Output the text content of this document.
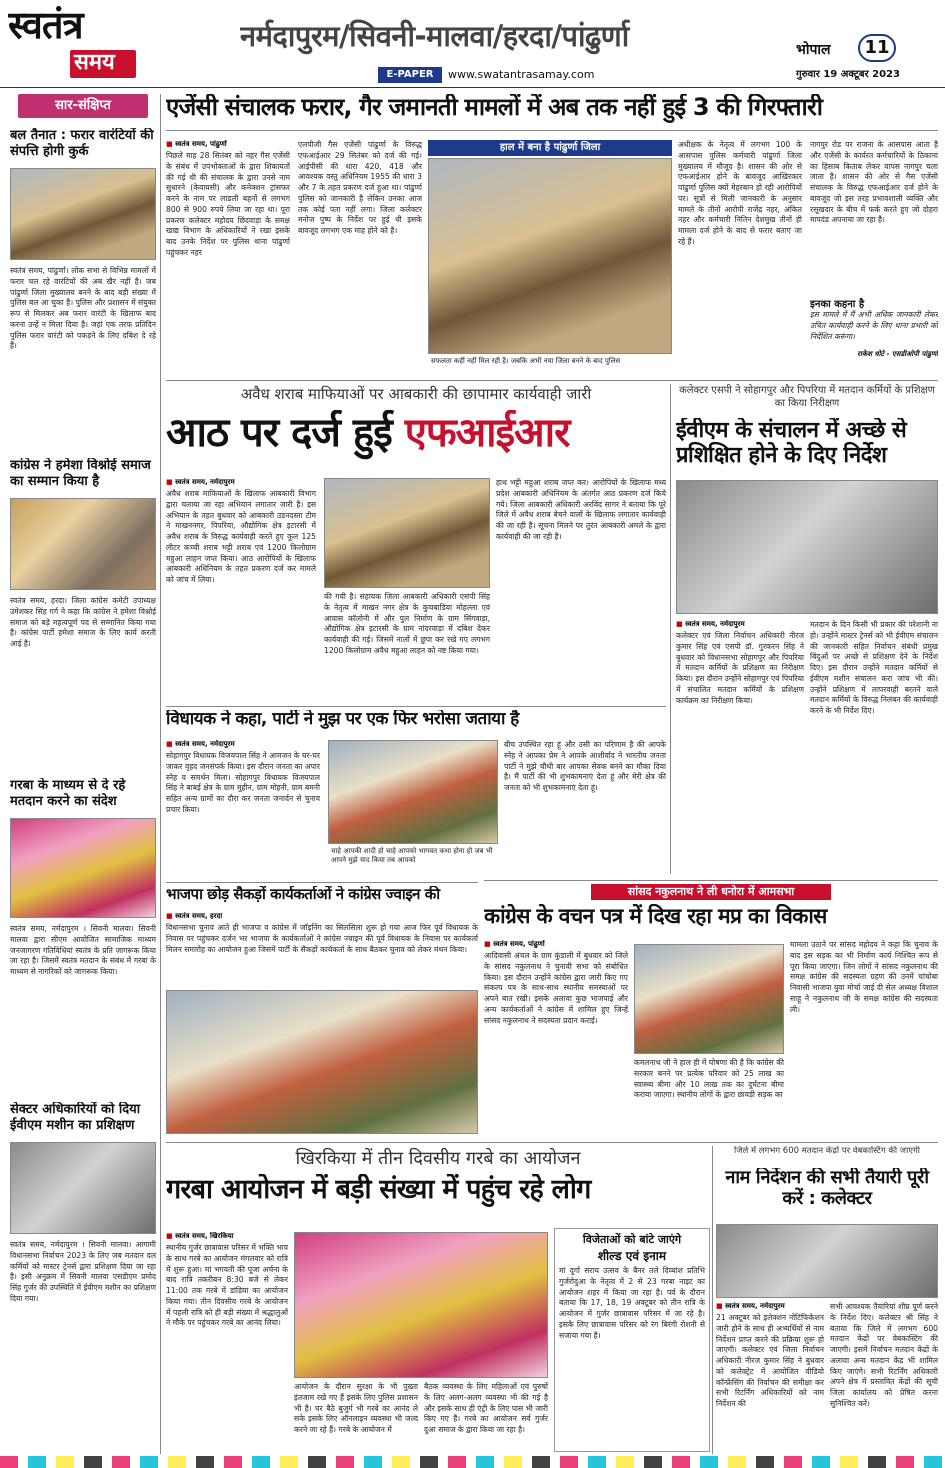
स्वतंत्र
समय
नर्मदापुरम/सिवनी-मालवा/हरदा/पांढुर्णा
E-PAPER	www.swatantrasamay.com
भोपाल	11
गुरुवार 19 अक्टूबर 2023
सार-संक्षिप्त
बल तैनात : फरार वारंटियों की संपत्ति होगी कुर्क
स्वतंत्र समय, पांढुर्णा। लोक सभा से विभिन्न मामलों में फरार चल रहे वारंटियों की अब खैर नहीं है। जब पांढुर्णा जिला मुख्यालय बनने के बाद बड़ी संख्या में पुलिस बल आ चुका है। पुलिस और प्रशासन में संयुक्त रूप से मिलकर अब फरार वारंटी के खिलाफ बाद करना उन्हें न मिला दिया है। जहां एक तरफ प्रतिदिन पुलिस फरार वारंटी को पकड़ने के लिए दबिश दे रहे हैं।
कांग्रेस ने हमेशा विश्नोई समाज का सम्मान किया है
स्वतंत्र समय, हरदा। जिला कांग्रेस कमेटी उपाध्यक्ष उमेशकर सिंह गर्ग ने कहा कि कांग्रेस ने हमेशा विश्नोई समाज को बड़े महत्वपूर्ण पद से सम्मानित किया गया है। कांग्रेस पार्टी हमेशा समाज के लिए कार्य करती आई है।
गरबा के माध्यम से दे रहे मतदान करने का संदेश
स्वतंत्र समय, नर्मदापुरम । सिवनी मालवा। सिवनी मालवा द्वारा सीएम आयोजित सामाजिक माध्यम जनजागरण गतिविधियां स्वतंत्र के प्रति जागरूक किया जा रहा है। जिसमें स्वतंत्र मतदान के संबंध में गरबा के माध्यम से नागरिकों को जागरूक किया।
सेक्टर अधिकारियों को दिया ईवीएम मशीन का प्रशिक्षण
स्वतंत्र समय, नर्मदापुरम । सिवनी मालवा। आगामी विधानसभा निर्वाचन 2023 के लिए जब मतदान दल कर्मियों को मास्टर ट्रेनर्स द्वारा प्रशिक्षण दिया जा रहा है। इसी अनुक्रम में सिवनी मालवा एसडीएम प्रमोद सिंह गुर्जर की उपस्थिति में ईवीएम मशीन का प्रशिक्षण दिया गया।
एजेंसी संचालक फरार, गैर जमानती मामलों में अब तक नहीं हुई 3 की गिरफ्तारी
■ स्वतंत्र समय, पांढुर्णा
पिछले माह 28 सितंबर को नहर गैस एजेंसी के संबंध में उपभोक्ताओं के द्वारा शिकायतों की गई थी की संचालक के द्वारा उनसे नाम सुधारने (केवायसी) और कनेक्शन ट्रांसफर करने के नाम पर लाडली बहनों से लगभग 800 से 900 रुपये लिया जा रहा था। पूरा प्रकरण कलेक्टर महोदय छिंदवाड़ा के समक्ष खाद्य विभाग के अधिकारियों ने रखा इसके बाद उनके निर्देश पर पुलिस थाना पांढुर्णा पहुंचकर नहर
एलपीजी गैस एजेंसी पांढुर्णा के विरुद्ध एफआईआर 29 सितंबर को दर्ज की गई। आईपीसी की धारा 420, 418 और आवश्यक वस्तु अधिनियम 1955 की धारा 3 और 7 के तहत प्रकरण दर्ज हुआ था। पांढुर्णा पुलिस को जानकारी है लेकिन उनका आज तक कोई पता नहीं लगा। जिला कलेक्टर मनोज पुष्प के निर्देश पर हुई थी इसके बावजूद लगभग एक माह होने को है।
हाल में बना है पांढुर्णा जिला
सफलता कहीं नहीं मिल रही है। जबकि अभी नया जिला बनने के बाद पुलिस
अधीक्षक के नेतृत्व में लगभग 100 के आसपास पुलिस कर्मचारी पांढुर्णा जिला मुख्यालय में मौजूद है। शासन की ओर से एफआईआर होने के बावजूद आखिरकार पांढुर्णा पुलिस क्यों मेहरबान हो रही आरोपियों पर। सूत्रों से मिली जानकारी के अनुसार मामले के तीनों आरोपी राजेंद्र नहर, अंकित नहर और कर्मचारी नितिन देशमुख तीनों ही मामला दर्ज होने के बाद से फरार बताए जा रहे हैं।
नागपुर रोड पर राजना के आसपास आता है और एजेंसी के कार्यरत कर्मचारियों के ठिकाना का हिसाब किताब लेकर वापस नागपुर चला जाता है। शासन की ओर से गैस एजेंसी संचालक के विरुद्ध एफआईआर दर्ज होने के बावजूद जो इस तरह प्रभावशाली व्यक्ति और रसूखदार के बीच में फर्क करते हुए जो दोहरा मापदंड अपनाया जा रहा है।
इनका कहना है
इस मामले में मैं अभी अधिक जानकारी लेकर उचित कार्यवाही करने के लिए थाना प्रभारी को निर्देशित करूंगा।
राकेश धोटे - एसडीओपी पांढुर्णा
अवैध शराब माफियाओं पर आबकारी की छापामार कार्यवाही जारी
आठ पर दर्ज हुई एफआईआर
■ स्वतंत्र समय, नर्मदापुरम
अवैध शराब माफियाओं के खिलाफ आबकारी विभाग द्वारा चलाया जा रहा अभियान लगातार जारी है। इस अभियान के तहत बुधवार को आबकारी उडनदस्ता टीम ने माखननगर, पिपरिया, औद्योगिक क्षेत्र इटारसी में अवैध शराब के विरुद्ध कार्यवाही करते हुए कुल 125 लीटर कच्ची शराब भट्टी शराब एवं 1200 किलोग्राम महुआ लाहन जप्त किया। आठ आरोपियों के खिलाफ आबकारी अधिनियम के तहत प्रकरण दर्ज कर मामले को जांच में लिया।
की गयी है। सहायक जिला आबकारी अधिकारी एसपी सिंह के नेतृत्व में माखन नगर क्षेत्र के कुचबाडिया मोहल्ला एवं आवास कॉलोनी में और पुल निर्माण के ग्राम सिंगवाड़ा, औद्योगिक क्षेत्र इटारसी के ग्राम नांदरवाड़ा में दबिश देकर कार्यवाही की गई। जिसमें नालों में छुपा कर रखे गए लगभग 1200 किलोग्राम अवैध महुआ लाहन को नष्ट किया गया।
हाथ भट्टी महुआ शराब जप्त कर। आरोपियों के खिलाफ मध्य प्रदेश आबकारी अधिनियम के अंतर्गत आठ प्रकरण दर्ज किये गये। जिला आबकारी अधिकारी अरविंद सागर ने बताया कि पूरे जिले में अवैध शराब बेचने वालों के खिलाफ लगातार कार्यवाही की जा रही है। सूचना मिलने पर तुरंत आबकारी अमले के द्वारा कार्यवाही की जा रही है।
कलेक्टर एसपी ने सोहागपुर और पिपरिया में मतदान कर्मियों के प्रशिक्षण का किया निरीक्षण
ईवीएम के संचालन में अच्छे से प्रशिक्षित होने के दिए निर्देश
■ स्वतंत्र समय, नर्मदापुरम
कलेक्टर एवं जिला निर्वाचन अधिकारी नीरज कुमार सिंह एवं एसपी डॉ. गुरकरन सिंह ने बुधवार को विधानसभा सोहागपुर और पिपरिया में मतदान कर्मियों के प्रशिक्षण का निरीक्षण किया। इस दौरान उन्होंने सोहागपुर एवं पिपरिया में संचालित मतदान कर्मियों के प्रशिक्षण कार्यक्रम का निरीक्षण किया।
मतदान के दिन किसी भी प्रकार की परेशानी ना हो। उन्होंने मास्टर ट्रेनर्स को भी ईवीएम संचालन की जानकारी सहित निर्वाचन संबंधी प्रमुख बिंदुओं पर अच्छे से प्रशिक्षण देने के निर्देश दिए। इस दौरान उन्होंने मतदान कर्मियों से ईवीएम मशीन संचालन करा जांच भी की। उन्होंने प्रशिक्षण में लापरवाही बरतने वाले मतदान कर्मियों के विरुद्ध निलंबन की कार्यवाही करने के भी निर्देश दिए।
विधायक ने कहा, पार्टी ने मुझ पर एक फिर भरोसा जताया है
■ स्वतंत्र समय, नर्मदापुरम
सोहागपुर विधायक विजयपाल सिंह ने आमजन के घर-घर जाकर वृहद जनसंपर्क किया। इस दौरान जनता का अपार स्नेह व समर्थन मिला। सोहागपुर विधायक विजयपाल सिंह ने बाबई क्षेत्र के ग्राम मुहीन, ग्राम मोहनी, ग्राम बमनी सहित अन्य ग्रामों का दौरा कर जनता जनार्दन से चुनाव प्रचार किया।
चाहे आपकी शादी हो चाहे आपको भागवत कथा होना हो जब भी आपने मुझे याद किया तब आपको
बीच उपस्थित रहा हूं और उसी का परिणाम है की आपके स्नेह ने आपका प्रेम ने आपके आशीर्वाद ने भारतीय जनता पार्टी ने मुझे चौथी बार आपका सेवक बनने का मौका दिया है। मैं पार्टी की भी शुभकामनाएं देता हूं और मेरी क्षेत्र की जनता को भी शुभकामनाएं देता हूं।
भाजपा छोड़ सैकड़ों कार्यकर्ताओं ने कांग्रेस ज्वाइन की
■ स्वतंत्र समय, हरदा
विधानसभा चुनाव आते ही भाजपा व कांग्रेस में जॉइनिंग का सिलसिला शुरू हो गया आज फिर पूर्व विधायक के निवास पर पहुंचकर दर्जन भर भाजपा के कार्यकर्ताओं ने कांग्रेस ज्वाइन की पूर्व विधायक के निवास पर कार्यकर्ता मिलन समारोह का आयोजन हुआ जिसमें पार्टी के सैकड़ों कार्यकर्ता के साथ बैठकर चुनाव को लेकर मंथन किया।
सांसद नकुलनाथ ने ली धनोरा में आमसभा
कांग्रेस के वचन पत्र में दिख रहा मप्र का विकास
■ स्वतंत्र समय, पांढुर्णा
आदिवासी अंचल के ग्राम कुंडाली में बुधवार को जिले के सांसद नकुलनाथ ने चुनावी सभा को संबोधित किया। इस दौरान उन्होंने कांग्रेस द्वारा जारी किए गए संकल्प पत्र के साथ-साथ स्थानीय समस्याओं पर अपने बात रखी। इसके अलावा कुछ भाजपाई और अन्य कार्यकर्ताओं ने कांग्रेस में शामिल हुए जिन्हें सांसद नकुलनाथ ने सदस्यता प्रदान कराई।
कमलनाथ जी ने हाल ही में घोषणा की है कि कांग्रेस की सरकार बनने पर प्रत्येक परिवार को 25 लाख का स्वास्थ्य बीमा और 10 लाख तक का दुर्घटना बीमा कराया जाएगा। स्थानीय लोगों के द्वारा छावड़ी सड़क का
मामला उठाने पर सांसद महोदय ने कहा कि चुनाव के बाद इस सड़क का भी निर्माण कार्य निश्चित रूप से पूरा किया जाएगा। जिन लोगों ने सांसद नकुलनाथ की समक्ष कांग्रेस की सदस्यता ग्रहण की उनमें चांचोबा निवासी भाजपा युवा मोर्चा जाई दी सेल अध्यक्ष विशाल साहू ने नकुलनाथ जी के समक्ष कांग्रेस की सदस्यता ली।
खिरकिया में तीन दिवसीय गरबे का आयोजन
गरबा आयोजन में बड़ी संख्या में पहुंच रहे लोग
■ स्वतंत्र समय, खिरकिया
स्थानीय गुर्जर छात्रावास परिसर में भक्ति भाव के साथ गरबे का आयोजन मंगलवार को रात्रि में शुरू हुआ। मां भगवती की पूजा अर्चना के बाद रात्रि तकरीबन 8:30 बजे से लेकर 11:00 तक गरबे में डांडिया का आयोजन किया गया। तीन दिवसीय गरबे के आयोजन में पहली रात्रि को ही बड़ी संख्या में श्रद्धालुओं ने मौके पर पहुंचकर गरबे का आनंद लिया।
आयोजन के दौरान सुरक्षा के भी पुख्ता इंतजाम रखे गए हैं इसके लिए पुलिस प्रशासन भी है। घर बैठे बुजुर्ग भी गरबे का आनंद ले सके इसके लिए ऑनलाइन व्यवस्था भी जल्द करने जा रहे हैं। गरबे के आयोजन में
बैठक व्यवस्था के लिए महिलाओं एवं पुरुषों के लिए अलग-अलग व्यवस्था भी की गई है और इसके साथ ही एंट्री के लिए पास भी जारी किए गए हैं। गरबे का आयोजन सर्व गुर्जर दुआ समाज के द्वारा किया जा रहा है।
विजेताओं को बांटे जाएंगे
शील्ड एवं इनाम
मां दुर्गा सराय उत्सव के बैनर तले दिव्यांश प्रतिभि गुर्जरोदुआ के नेतृत्व में 2 से 23 गरबा नाइट का आयोजन शहर में किया जा रहा है। पर्व के दौरान बताया कि 17, 18, 19 अक्टूबर को तीन रात्रि के आयोजन में गुर्जर छात्रावास परिसर में जा रहे है। इसके लिए छात्रावास परिसर को रंग बिरंगी रोशनी से सजाया गया है।
जिले में लगभग 600 मतदान केंद्रों पर वेबकास्टिंग की जाएगी
नाम निर्देशन की सभी तैयारी पूरी करें : कलेक्टर
■ स्वतंत्र समय, नर्मदापुरम
21 अक्टूबर को इलेक्शन नोटिफिकेशन जारी होने के साथ ही अभ्यर्थियों से नाम निर्देशन प्राप्त करने की प्रक्रिया शुरू हो जाएगी। कलेक्टर एवं जिला निर्वाचन अधिकारी नीरज कुमार सिंह ने बुधवार को कलेक्ट्रेट में आयोजित वीडियो कॉन्फ्रेंसिंग की निर्वाचन की समीक्षा कर सभी रिटर्निंग अधिकारियों को नाम निर्देशन की
सभी आवश्यक तैयारियां शीघ्र पूर्ण करने के निर्देश दिए। कलेक्टर श्री सिंह ने बताया कि जिले में लगभग 600 मतदान केंद्रों पर वेबकास्टिंग की जाएगी। इसमें निर्वाचन मतदान केंद्रों के अलावा अन्य मतदान केंद्र भी शामिल किए जाएंगे। सभी रिटर्निंग अधिकारी अपने क्षेत्र में प्रस्तावित केंद्रों की सूची जिला कार्यालय को प्रेषित करना सुनिश्चित करें।
